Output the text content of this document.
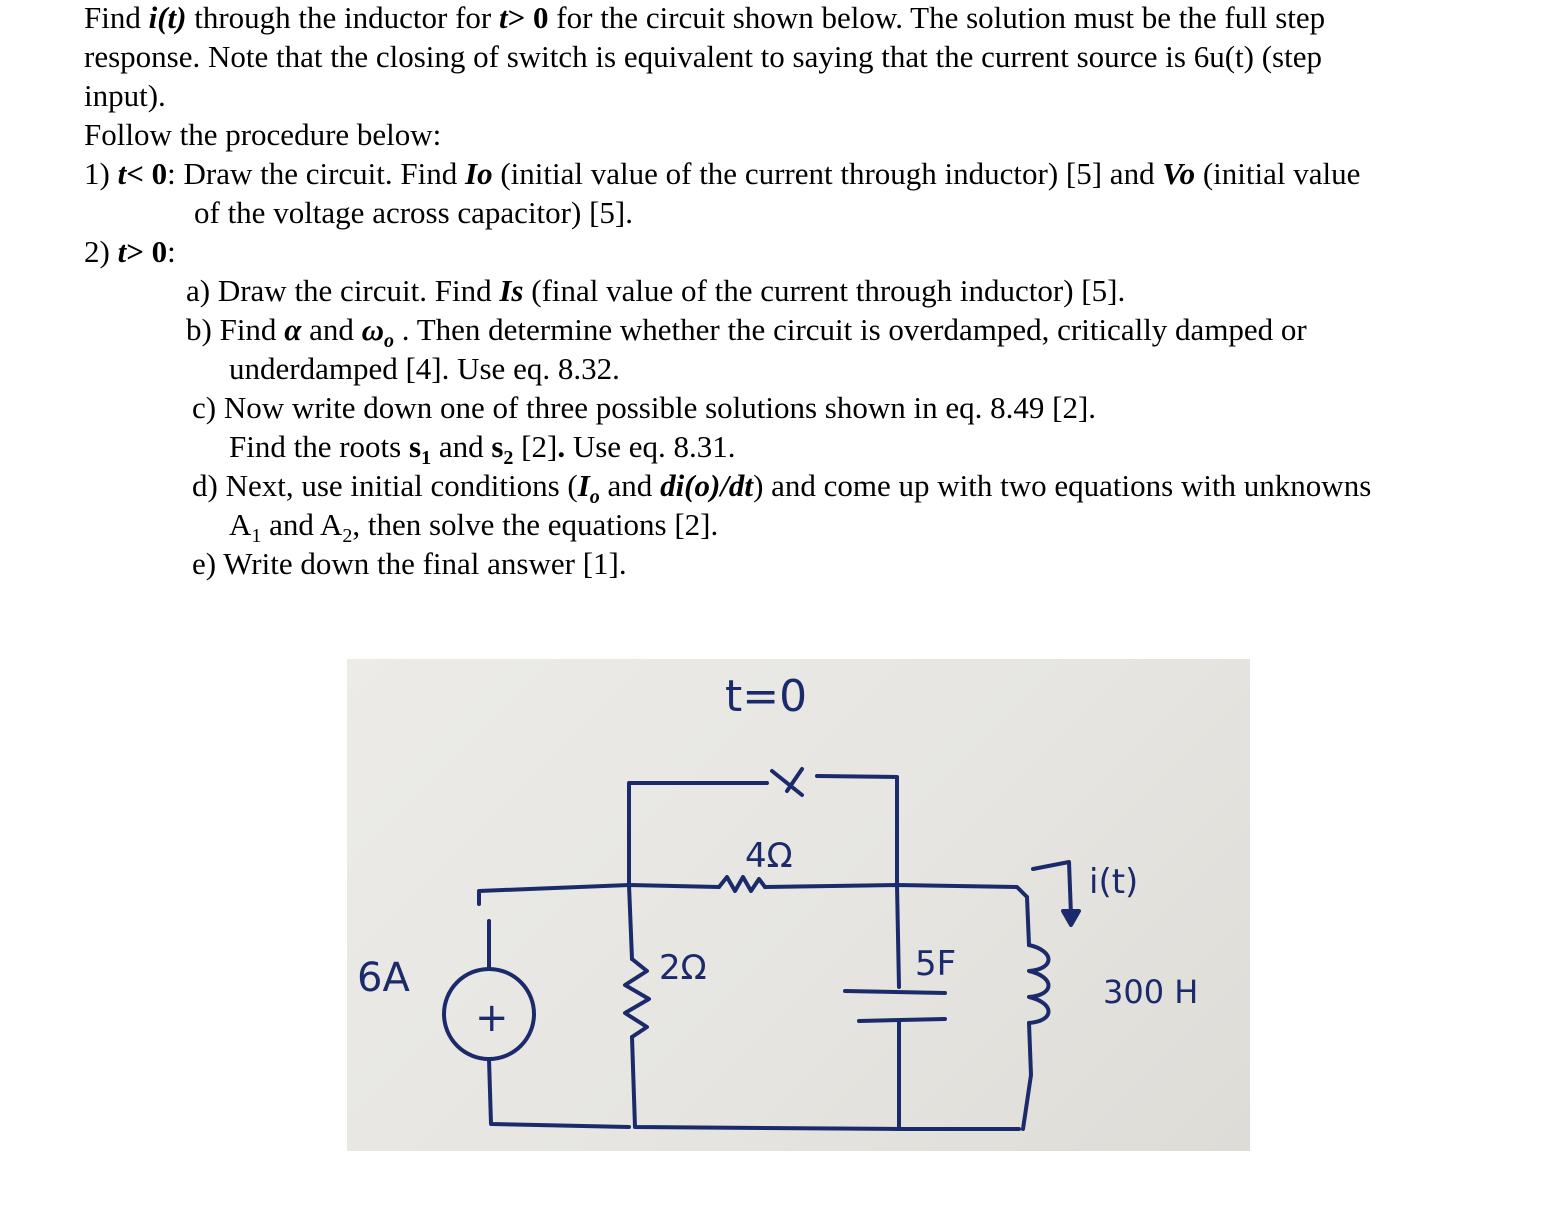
Find i(t) through the inductor for t> 0 for the circuit shown below. The solution must be the full step
response. Note that the closing of switch is equivalent to saying that the current source is 6u(t) (step
input).
Follow the procedure below:
1) t< 0: Draw the circuit. Find Io (initial value of the current through inductor) [5] and Vo (initial value
of the voltage across capacitor) [5].
2) t> 0:
a) Draw the circuit. Find Is (final value of the current through inductor) [5].
b) Find α and $\omega_o$ . Then determine whether the circuit is overdamped, critically damped or
underdamped [4]. Use eq. 8.32.
c) Now write down one of three possible solutions shown in eq. 8.49 [2].
Find the roots $s_1$ and $s_2$ [2]. Use eq. 8.31.
d) Next, use initial conditions ($I_o$ and di(o)/dt) and come up with two equations with unknowns
$A_1$ and $A_2$, then solve the equations [2].
e) Write down the final answer [1].
t=0
4Ω
2Ω
6A
+
5F
i(t)
300 H
